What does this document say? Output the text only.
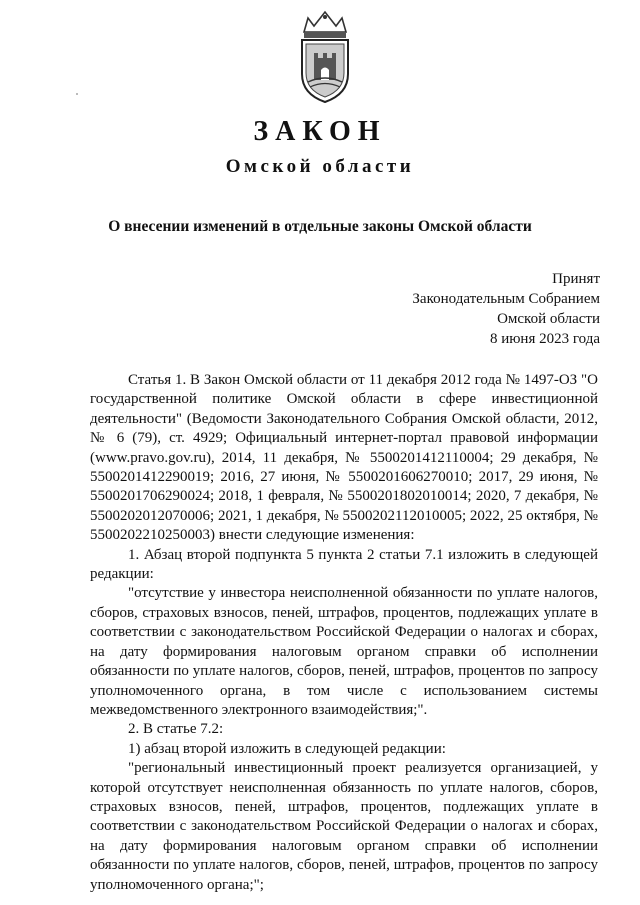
ЗАКОН
Омской области
О внесении изменений в отдельные законы Омской области
Принят
Законодательным Собранием
Омской области
8 июня 2023 года

Статья 1. В Закон Омской области от 11 декабря 2012 года № 1497-ОЗ "О государственной политике Омской области в сфере инвестиционной деятельности" (Ведомости Законодательного Собрания Омской области, 2012, № 6 (79), ст. 4929; Официальный интернет-портал правовой информации (www.pravo.gov.ru), 2014, 11 декабря, № 5500201412110004; 29 декабря, № 5500201412290019; 2016, 27 июня, № 5500201606270010; 2017, 29 июня, № 5500201706290024; 2018, 1 февраля, № 5500201802010014; 2020, 7 декабря, № 5500202012070006; 2021, 1 декабря, № 5500202112010005; 2022, 25 октября, № 5500202210250003) внести следующие изменения:

1. Абзац второй подпункта 5 пункта 2 статьи 7.1 изложить в следующей редакции:

"отсутствие у инвестора неисполненной обязанности по уплате налогов, сборов, страховых взносов, пеней, штрафов, процентов, подлежащих уплате в соответствии с законодательством Российской Федерации о налогах и сборах, на дату формирования налоговым органом справки об исполнении обязанности по уплате налогов, сборов, пеней, штрафов, процентов по запросу уполномоченного органа, в том числе с использованием системы межведомственного электронного взаимодействия;".

2. В статье 7.2:

1) абзац второй изложить в следующей редакции:

"региональный инвестиционный проект реализуется организацией, у которой отсутствует неисполненная обязанность по уплате налогов, сборов, страховых взносов, пеней, штрафов, процентов, подлежащих уплате в соответствии с законодательством Российской Федерации о налогах и сборах, на дату формирования налоговым органом справки об исполнении обязанности по уплате налогов, сборов, пеней, штрафов, процентов по запросу уполномоченного органа;";
